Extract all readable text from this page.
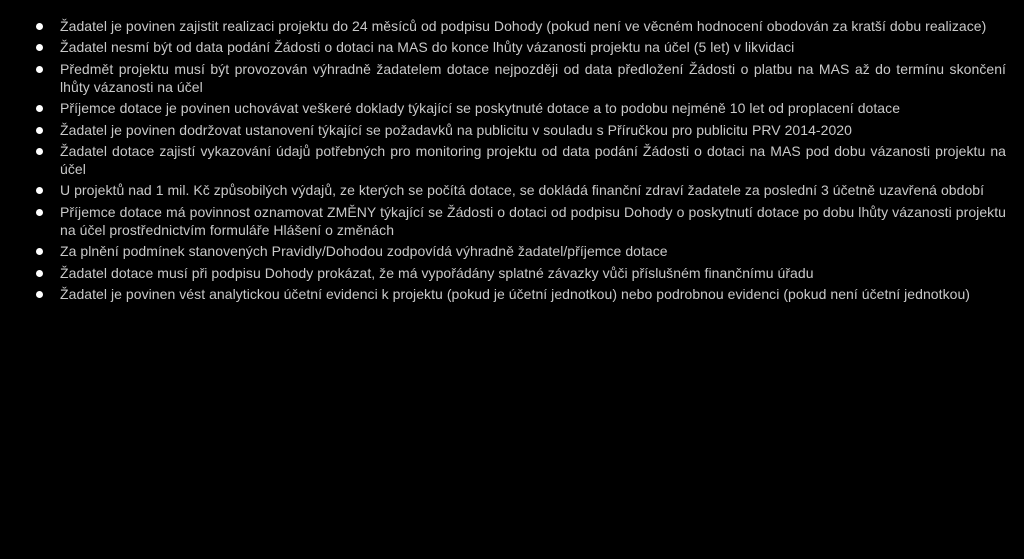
Žadatel je povinen zajistit realizaci projektu do 24 měsíců od podpisu Dohody (pokud není ve věcném hodnocení obodován za kratší dobu realizace)
Žadatel nesmí být od data podání Žádosti o dotaci na MAS do konce lhůty vázanosti projektu na účel (5 let) v likvidaci
Předmět projektu musí být provozován výhradně žadatelem dotace nejpozději od data předložení Žádosti o platbu na MAS až do termínu skončení lhůty vázanosti na účel
Příjemce dotace je povinen uchovávat veškeré doklady týkající se poskytnuté dotace a to podobu nejméně 10 let od proplacení dotace
Žadatel je povinen dodržovat ustanovení týkající se požadavků na publicitu v souladu s Příručkou pro publicitu PRV 2014-2020
Žadatel dotace zajistí vykazování údajů potřebných pro monitoring projektu od data podání Žádosti o dotaci na MAS pod dobu vázanosti projektu na účel
U projektů nad 1 mil. Kč způsobilých výdajů, ze kterých se počítá dotace, se dokládá finanční zdraví žadatele za poslední 3 účetně uzavřená období
Příjemce dotace má povinnost oznamovat ZMĚNY týkající se Žádosti o dotaci od podpisu Dohody o poskytnutí dotace po dobu lhůty vázanosti projektu na účel prostřednictvím formuláře Hlášení o změnách
Za plnění podmínek stanovených Pravidly/Dohodou zodpovídá výhradně žadatel/příjemce dotace
Žadatel dotace musí při podpisu Dohody prokázat, že má vypořádány splatné závazky vůči příslušném finančnímu úřadu
Žadatel je povinen vést analytickou účetní evidenci k projektu (pokud je účetní jednotkou) nebo podrobnou evidenci (pokud není účetní jednotkou)
